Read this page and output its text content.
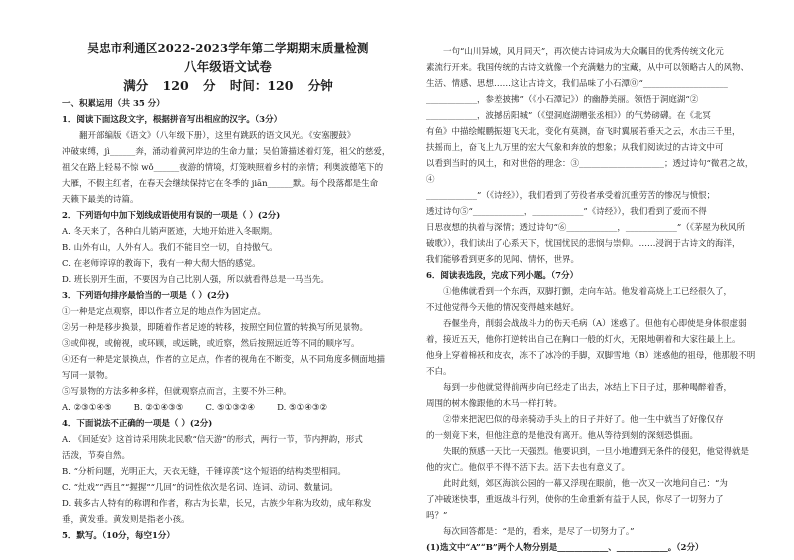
吴忠市利通区2022-2023学年第二学期期末质量检测
八年级语文试卷
满分 120 分 时间：120 分钟
一、积累运用（共 35 分）
1．阅读下面这段文字，根据拼音写出相应的汉字。（3分）

翻开部编版《语文》（八年级下册），这里有跳跃的语文风光。《安塞腰鼓》

冲破束缚，jì______奔，涌动着黄河岸边的生命力量；吴伯箫描述着灯笼，祖父的慈爱，

祖父在路上轻易不惊 wǒ______夜游的情境，灯笼映照着乡村的亲情；利奥波德笔下的

大雁，不假主红者，在春天会继续保持它在冬季的 jiān______默。每个段落都是生命

天籁下最美的诗篇。

2．下列语句中加下划线成语使用有误的一项是（ ）(2分)

A. 冬天来了，各种白儿销声匿迹，大地开始进入冬眠期。

B. 山外有山，人外有人。我们不能目空一切，自持傲气。

C. 在老师谆谆的教诲下，我有一种大彻大悟的感觉。

D. 班长别开生面，不要因为自己比别人强，所以就看得总是一马当先。

3．下列语句排序最恰当的一项是（ ）(2分)

①一种是定点观察，即以作者立足的地点作为固定点。

②另一种是移步换景，即随着作者足迹的转移，按照空间位置的转换写所见景物。

③或仰视，或俯视，或环顾，或远眺，或近察，然后按照远近等不同的顺序写。

④还有一种是定景换点，作者的立足点，作者的视角在不断变，从不同角度多侧面地描

写同一景物。

⑤写景物的方法多种多样，但就观察点而言，主要不外三种。

A. ②③①④⑤	B. ②①④③⑤	C. ⑤①③②④	D. ⑤①④③②
4．下面说法不正确的一项是（ ）(2分)

A. 《回延安》这首诗采用陕北民歌“信天游”的形式，两行一节，节内押韵，形式

活泼，节奏自然。

B. “分析问题，光明正大，天衣无缝，千锤谆羡”这个短语的结构类型相同。

C. “灶戏”“西且”“握握”“几回”的词性依次是名词、连词、动词、数量词。

D. 载多古人特有的称谓和作者，称古为长辈，长兄，古族少年称为玫幼，成年称发

垂，黄发垂。黄发则是指老小孩。

5．默写。（10分，每空1分）

一句“山川异域，风月同天”，再次使古诗词成为大众瞩目的优秀传统文化元

素流行开来。我国传统的古诗文就像一个充满魅力的宝藏，从中可以领略古人的风物、

生活、情感、思想……这让古诗文，我们品味了小石潭⓪“____________________

____________，参差披拂”（《小石潭记》）的幽静美丽。领悟于洞庭湖“②

____________，波撼岳阳城”（《望洞庭湖赠张丞相》）的气势磅礴。在《北冥

有鱼》中描绘鲲鹏振翅飞天北，变化有莫测，奋飞时翼展若垂天之云，水击三千里，

扶摇而上，奋飞上九万里的宏大气象和奔放的想象；从我们阅读过的古诗文中可

以看到当时的风土，和对世俗的理念：③____________________；透过诗句“微君之故，④

____________”（《诗经》），我们看到了劳役者承受着沉重劳苦的惨况与愤恨；

透过诗句⑤“____________，____________”《诗经》），我们看到了爱而不得

日思夜想的执着与深情；透过诗句“⑥____________，____________”（《茅屋为秋风所

破歌》），我们读出了心系天下，忧国忧民的悲悯与崇仰。……浸润于古诗文的海洋，

我们能够看到更多的见闻、情怀，世界。

6．阅读表选段，完成下列小题。（7分）

①他佛就看到一个东西，双脚打颤，走向车站。他发着高烧上工已经很久了，

不过他觉得今天他的情况变得越来越好。

吞偃坐舟，削弱会战战斗力的伤天毛病（A）迷惑了。但他有心即使是身体很虚弱

着，接近五天，他你打逆转出自己在胸口一般的灯火，无限地朝着和大家往最上上。

他身上穿着棉袄和皮衣，冻不了冰冷的手脚，双脚雪地（B）迷惑他的祖母，他那般不明不白。

每到一步他就觉得前两步向已经走了出去，冰结上下日子过，那种喝醉着香，

周围的树木像跟他的木马一样打转。

②带来把泥巴似的母亲骑动手头上的日子并好了。他一生中就当了好像仅存

的一刻竟下来，但他注意的是他没有离开。他从等待到刻的深刻恐惧面。

失眠的预感一天比一天强烈。他要识到，一旦小地遭到无条件的侵犯，他觉得就是

他的灾亡。他似乎不得不活下去。活下去也有意义了。

此时此刻，郊区海滨公园的一幕又浮现在眼前，他一次又一次地问自己：“为

了冲破迷快事，重返战斗行列，使你的生命重新有益于人民，你尽了一切努力了

吗？”

每次回答都是：“是的，看来，是尽了一切努力了。”

(1)选文中“A”“B”两个人物分别是____________、____________。（2分）
